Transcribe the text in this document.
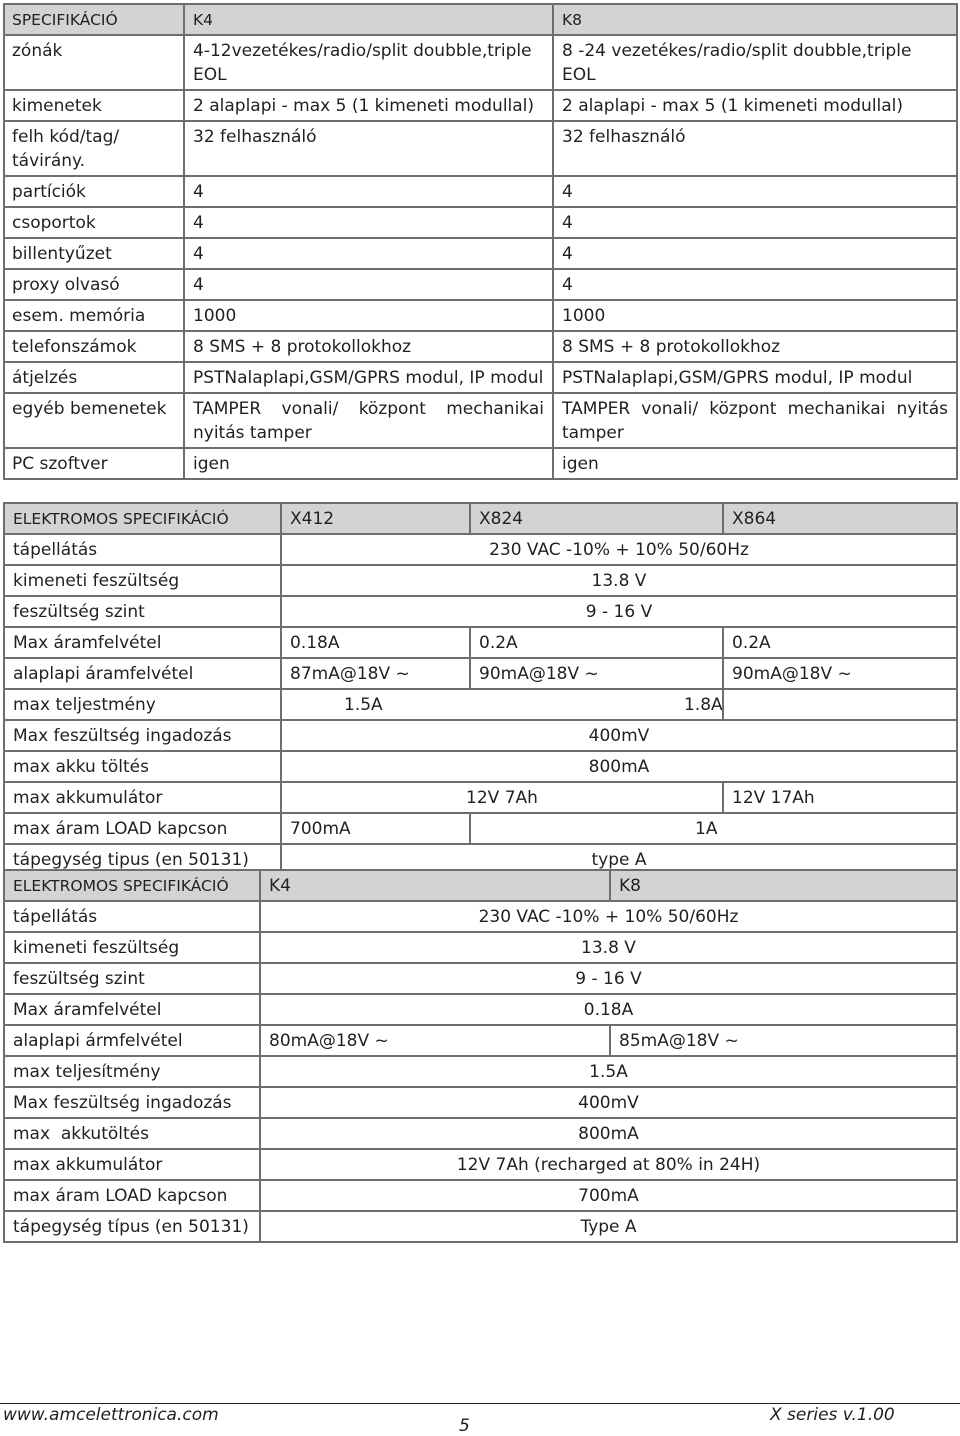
SPECIFIKÁCIÓ	K4	K8
zónák	4-12vezetékes/radio/split doubble,triple EOL	8 -24 vezetékes/radio/split doubble,triple EOL
kimenetek	2 alaplapi - max 5 (1 kimeneti modullal)	2 alaplapi - max 5 (1 kimeneti modullal)
felh kód/tag/ távirány.	32 felhasználó	32 felhasználó
partíciók	4	4
csoportok	4	4
billentyűzet	4	4
proxy olvasó	4	4
esem. memória	1000	1000
telefonszámok	8 SMS + 8 protokollokhoz	8 SMS + 8 protokollokhoz
átjelzés	PSTNalaplapi,GSM/GPRS modul, IP modul	PSTNalaplapi,GSM/GPRS modul, IP modul
egyéb bemenetek	TAMPER vonali/ központ mechanikai nyitás tamper	TAMPER vonali/ központ mechanikai nyitás tamper
PC szoftver	igen	igen
ELEKTROMOS SPECIFIKÁCIÓ	X412	X824	X864
tápellátás	230 VAC -10% + 10% 50/60Hz
kimeneti feszültség	13.8 V
feszültség szint	9 - 16 V
Max áramfelvétel	0.18A	0.2A	0.2A
alaplapi áramfelvétel	87mA@18V ~	90mA@18V ~	90mA@18V ~
max teljestmény	1.5A	1.8A
Max feszültség ingadozás	400mV
max akku töltés	800mA
max akkumulátor	12V 7Ah	12V 17Ah
max áram LOAD kapcson	700mA	1A
tápegység tipus (en 50131)	type A
ELEKTROMOS SPECIFIKÁCIÓ	K4	K8
tápellátás	230 VAC -10% + 10% 50/60Hz	
kimeneti feszültség	13.8 V	
feszültség szint	9 - 16 V	
Max áramfelvétel	0.18A	
alaplapi ármfelvétel	80mA@18V ~	85mA@18V ~
max teljesítmény	1.5A	
Max feszültség ingadozás	400mV	
max  akkutöltés	800mA	
max akkumulátor	12V 7Ah (recharged at 80% in 24H)	
max áram LOAD kapcson	700mA	
tápegység típus (en 50131)	Type A	
www.amcelettronica.com
5
X series v.1.00
